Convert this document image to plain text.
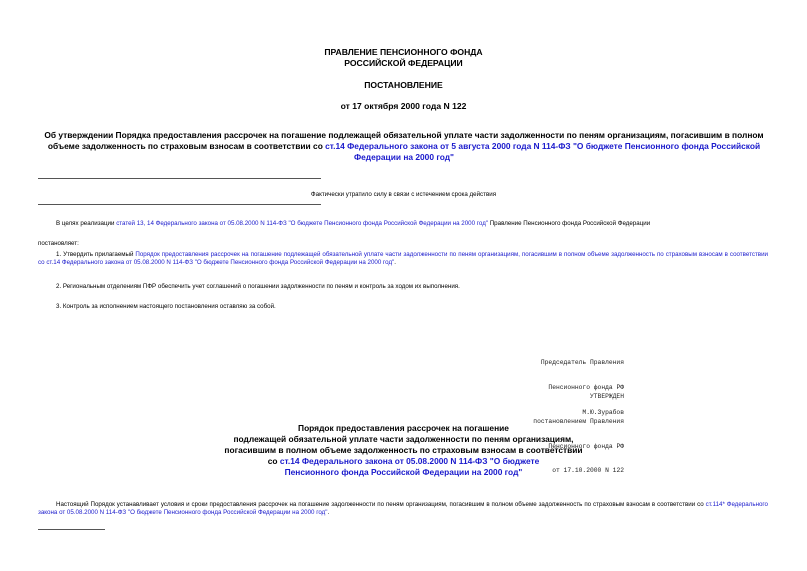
ПРАВЛЕНИЕ ПЕНСИОННОГО ФОНДА
РОССИЙСКОЙ ФЕДЕРАЦИИ
ПОСТАНОВЛЕНИЕ
от 17 октября 2000 года N 122
Об утверждении Порядка предоставления рассрочек на погашение подлежащей обязательной уплате части задолженности по пеням организациям, погасившим в полном объеме задолженность по страховым взносам в соответствии со ст.14 Федерального закона от 5 августа 2000 года N 114-ФЗ "О бюджете Пенсионного фонда Российской Федерации на 2000 год"
Фактически утратило силу в связи с истечением срока действия
В целях реализации статей 13, 14 Федерального закона от 05.08.2000 N 114-ФЗ "О бюджете Пенсионного фонда Российской Федерации на 2000 год" Правление Пенсионного фонда Российской Федерации
постановляет:
1. Утвердить прилагаемый Порядок предоставления рассрочек на погашение подлежащей обязательной уплате части задолженности по пеням организациям, погасившим в полном объеме задолженность по страховым взносам в соответствии со ст.14 Федерального закона от 05.08.2000 N 114-ФЗ "О бюджете Пенсионного фонда Российской Федерации на 2000 год".
2. Региональным отделениям ПФР обеспечить учет соглашений о погашении задолженности по пеням и контроль за ходом их выполнения.
3. Контроль за исполнением настоящего постановления оставляю за собой.

Председатель Правления

Пенсионного фонда РФ

М.Ю.Зурабов

УТВЕРЖДЕН

постановлением Правления

Пенсионного фонда РФ

от 17.10.2000 N 122

Порядок предоставления рассрочек на погашение
подлежащей обязательной уплате части задолженности по пеням организациям,
погасившим в полном объеме задолженность по страховым взносам в соответствии
со ст.14 Федерального закона от 05.08.2000 N 114-ФЗ "О бюджете
Пенсионного фонда Российской Федерации на 2000 год"
Настоящий Порядок устанавливает условия и сроки предоставления рассрочек на погашение задолженности по пеням организациям, погасившим в полном объеме задолженность по страховым взносам в соответствии со ст.114* Федерального закона от 05.08.2000 N 114-ФЗ "О бюджете Пенсионного фонда Российской Федерации на 2000 год".
